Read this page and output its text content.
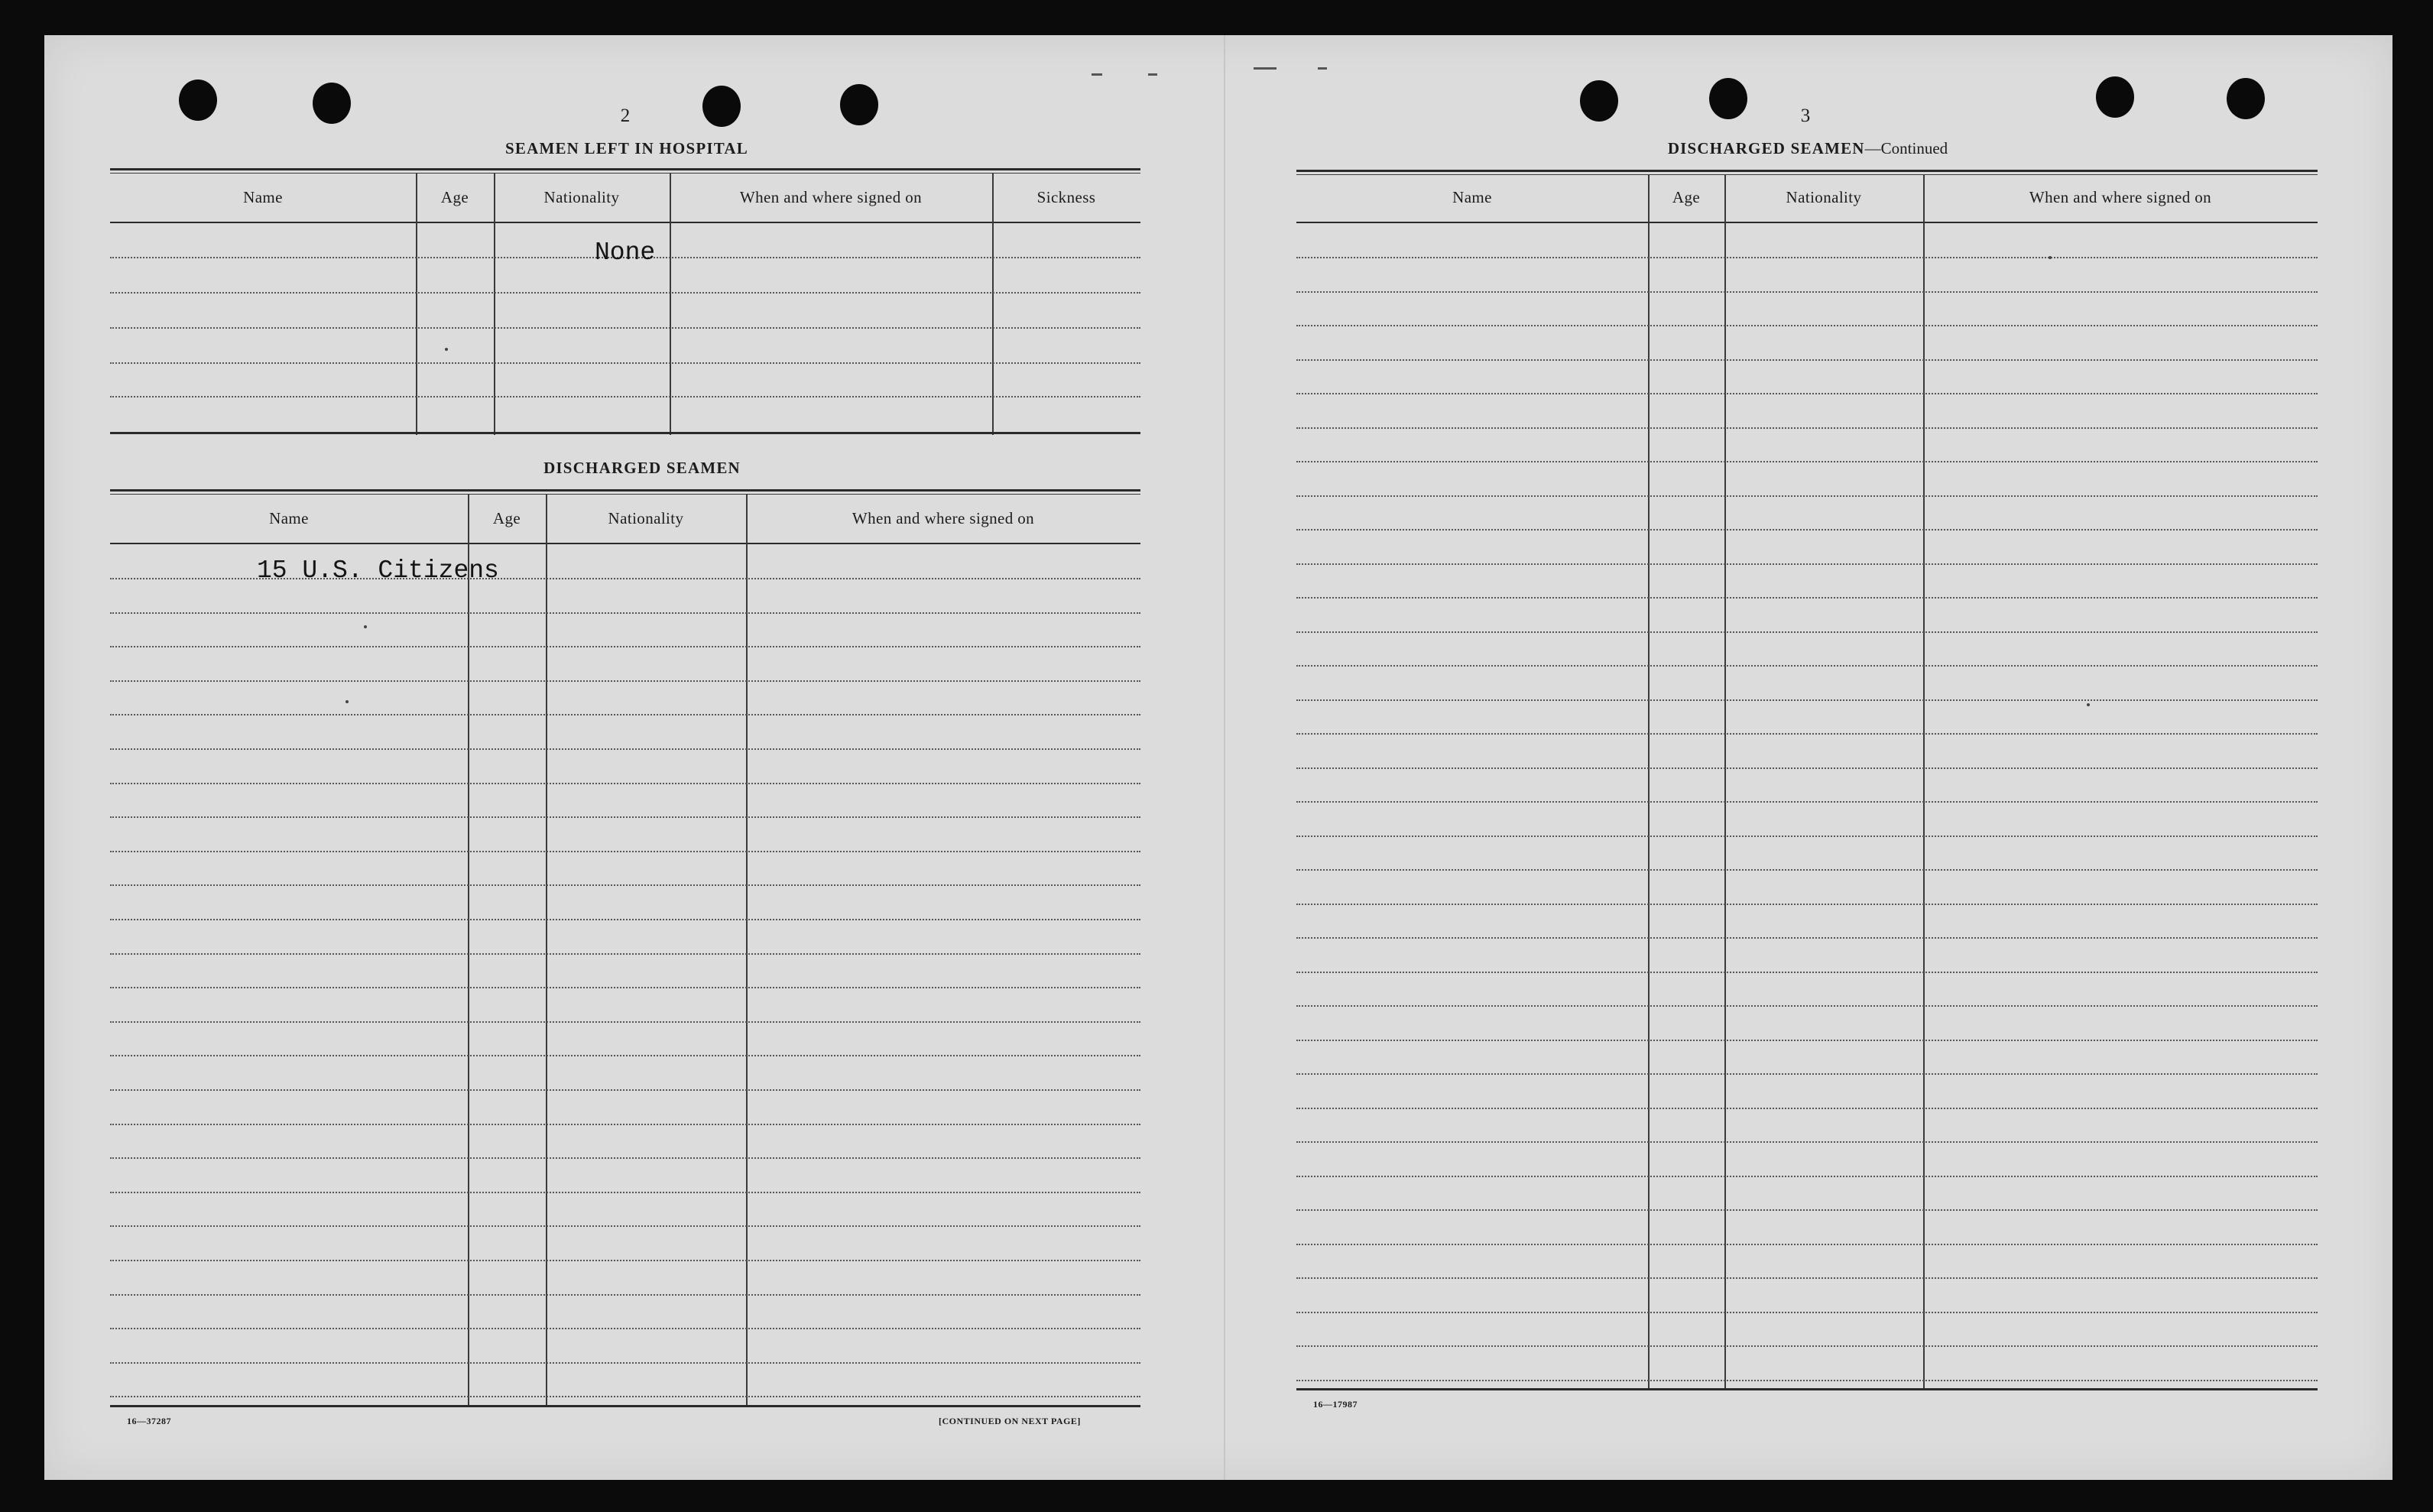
2
SEAMEN LEFT IN HOSPITAL
Name	Age	Nationality	When and where signed on	Sickness
None
DISCHARGED SEAMEN
Name	Age	Nationality	When and where signed on
15 U.S. Citizens
16—37287	[CONTINUED ON NEXT PAGE]
3
DISCHARGED SEAMEN—Continued
Name	Age	Nationality	When and where signed on
16—17987
